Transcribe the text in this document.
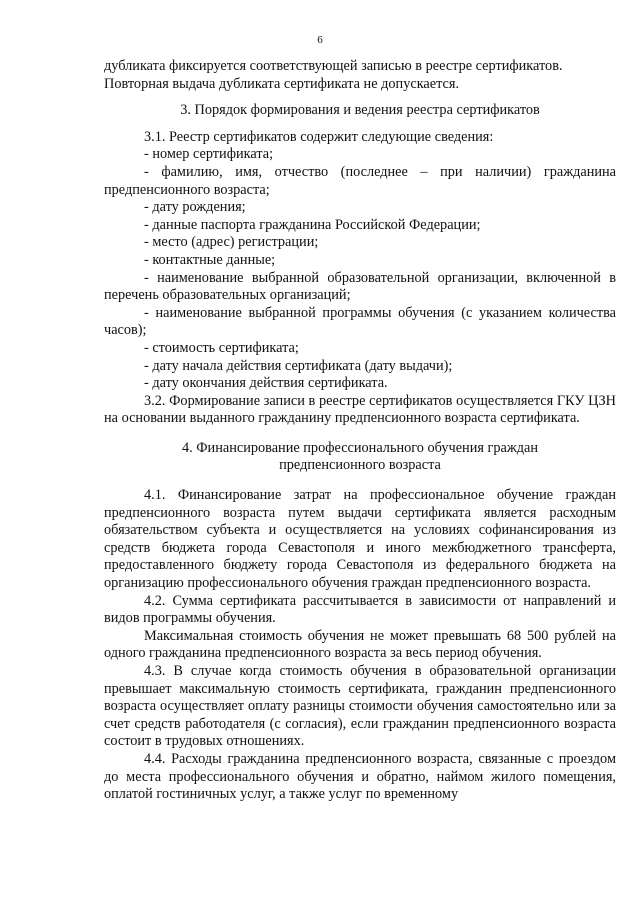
6

дубликата фиксируется соответствующей записью в реестре сертификатов.

Повторная выдача дубликата сертификата не допускается.

3. Порядок формирования и ведения реестра сертификатов

3.1. Реестр сертификатов содержит следующие сведения:

- номер сертификата;

- фамилию, имя, отчество (последнее – при наличии) гражданина предпенсионного возраста;

- дату рождения;

- данные паспорта гражданина Российской Федерации;

- место (адрес) регистрации;

- контактные данные;

- наименование выбранной образовательной организации, включенной в перечень образовательных организаций;

- наименование выбранной программы обучения (с указанием количества часов);

- стоимость сертификата;

- дату начала действия сертификата (дату выдачи);

- дату окончания действия сертификата.

3.2. Формирование записи в реестре сертификатов осуществляется ГКУ ЦЗН на основании выданного гражданину предпенсионного возраста сертификата.

4. Финансирование профессионального обучения граждан
предпенсионного возраста

4.1. Финансирование затрат на профессиональное обучение граждан предпенсионного возраста путем выдачи сертификата является расходным обязательством субъекта и осуществляется на условиях софинансирования из средств бюджета города Севастополя и иного межбюджетного трансферта, предоставленного бюджету города Севастополя из федерального бюджета на организацию профессионального обучения граждан предпенсионного возраста.

4.2. Сумма сертификата рассчитывается в зависимости от направлений и видов программы обучения.

Максимальная стоимость обучения не может превышать 68 500 рублей на одного гражданина предпенсионного возраста за весь период обучения.

4.3. В случае когда стоимость обучения в образовательной организации превышает максимальную стоимость сертификата, гражданин предпенсионного возраста осуществляет оплату разницы стоимости обучения самостоятельно или за счет средств работодателя (с согласия), если гражданин предпенсионного возраста состоит в трудовых отношениях.

4.4. Расходы гражданина предпенсионного возраста, связанные с проездом до места профессионального обучения и обратно, наймом жилого помещения, оплатой гостиничных услуг, а также услуг по временному
